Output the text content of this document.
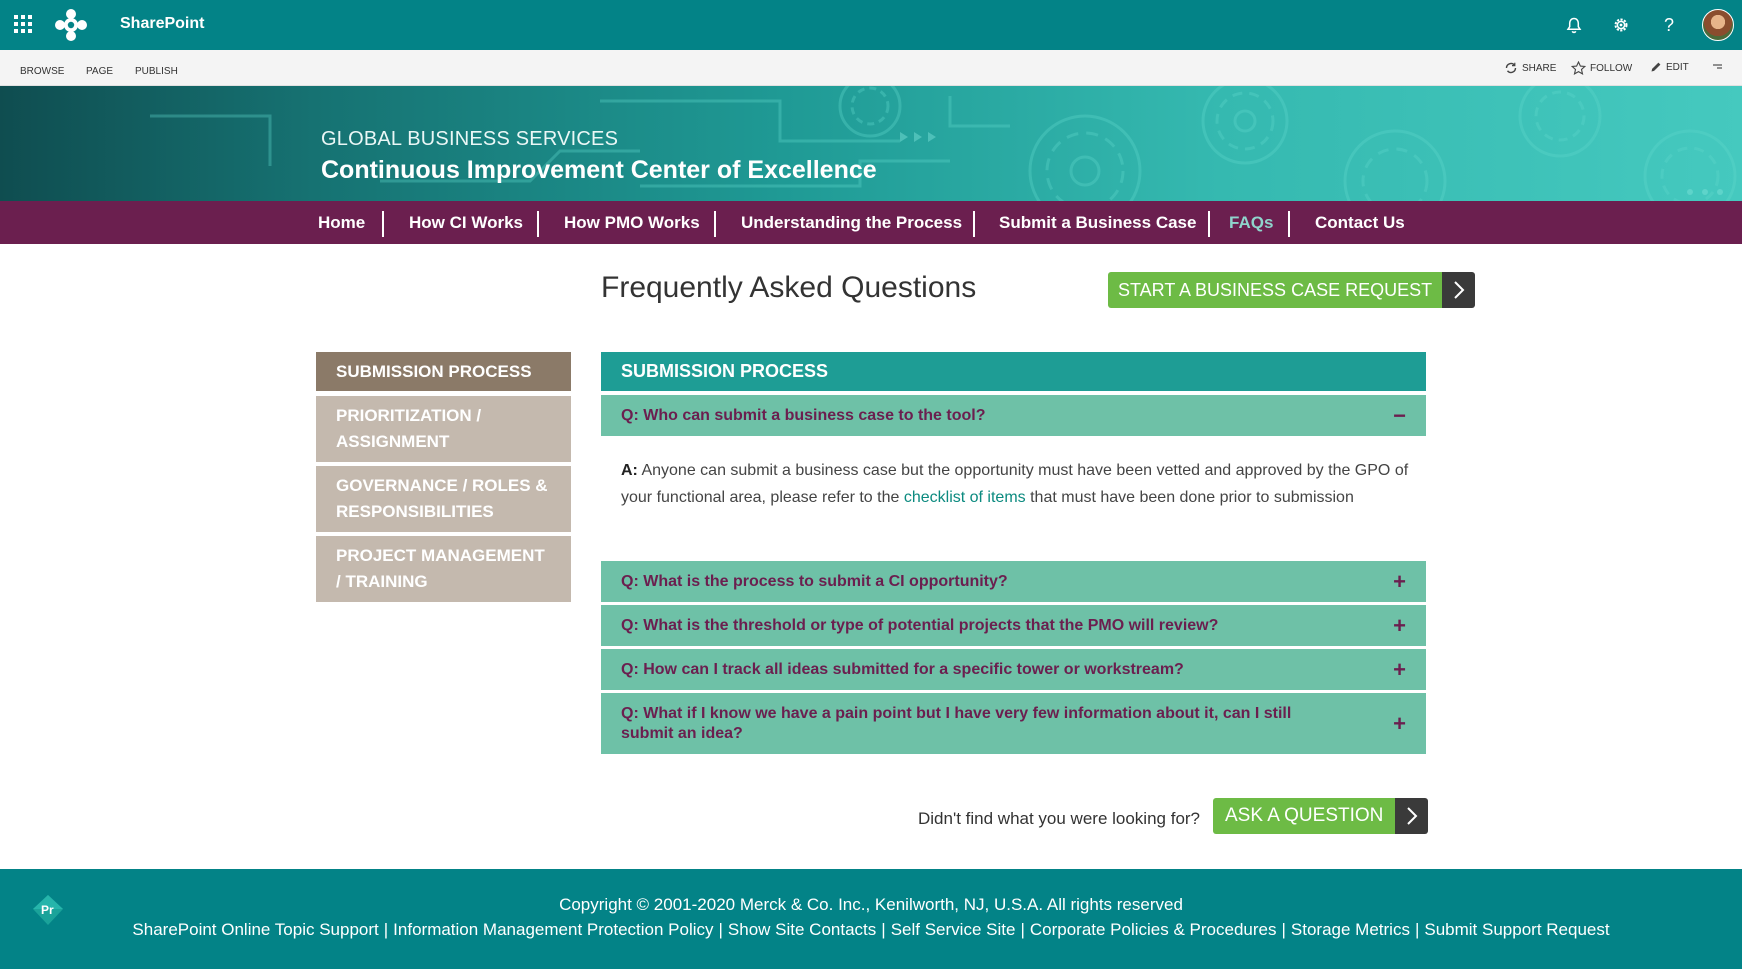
SharePoint	?
BROWSE PAGE PUBLISH	SHARE	FOLLOW	EDIT
GLOBAL BUSINESS SERVICES
Continuous Improvement Center of Excellence
Home	How CI Works How PMO Works Understanding the Process Submit a Business Case FAQs Contact Us
Frequently Asked Questions	START A BUSINESS CASE REQUEST
SUBMISSION PROCESS
PRIORITIZATION /
ASSIGNMENT
GOVERNANCE / ROLES &
RESPONSIBILITIES
PROJECT MANAGEMENT
/ TRAINING
SUBMISSION PROCESS
Q: Who can submit a business case to the tool?	−
A: Anyone can submit a business case but the opportunity must have been vetted and approved by the GPO of your functional area, please refer to the checklist of items that must have been done prior to submission
Q: What is the process to submit a CI opportunity?	+
Q: What is the threshold or type of potential projects that the PMO will review?	+
Q: How can I track all ideas submitted for a specific tower or workstream?	+
Q: What if I know we have a pain point but I have very few information about it, can I still
submit an idea?	+
Didn't find what you were looking for?	ASK A QUESTION
Pr	Copyright © 2001-2020 Merck & Co. Inc., Kenilworth, NJ, U.S.A. All rights reserved
SharePoint Online Topic Support | Information Management Protection Policy | Show Site Contacts | Self Service Site | Corporate Policies & Procedures | Storage Metrics | Submit Support Request
